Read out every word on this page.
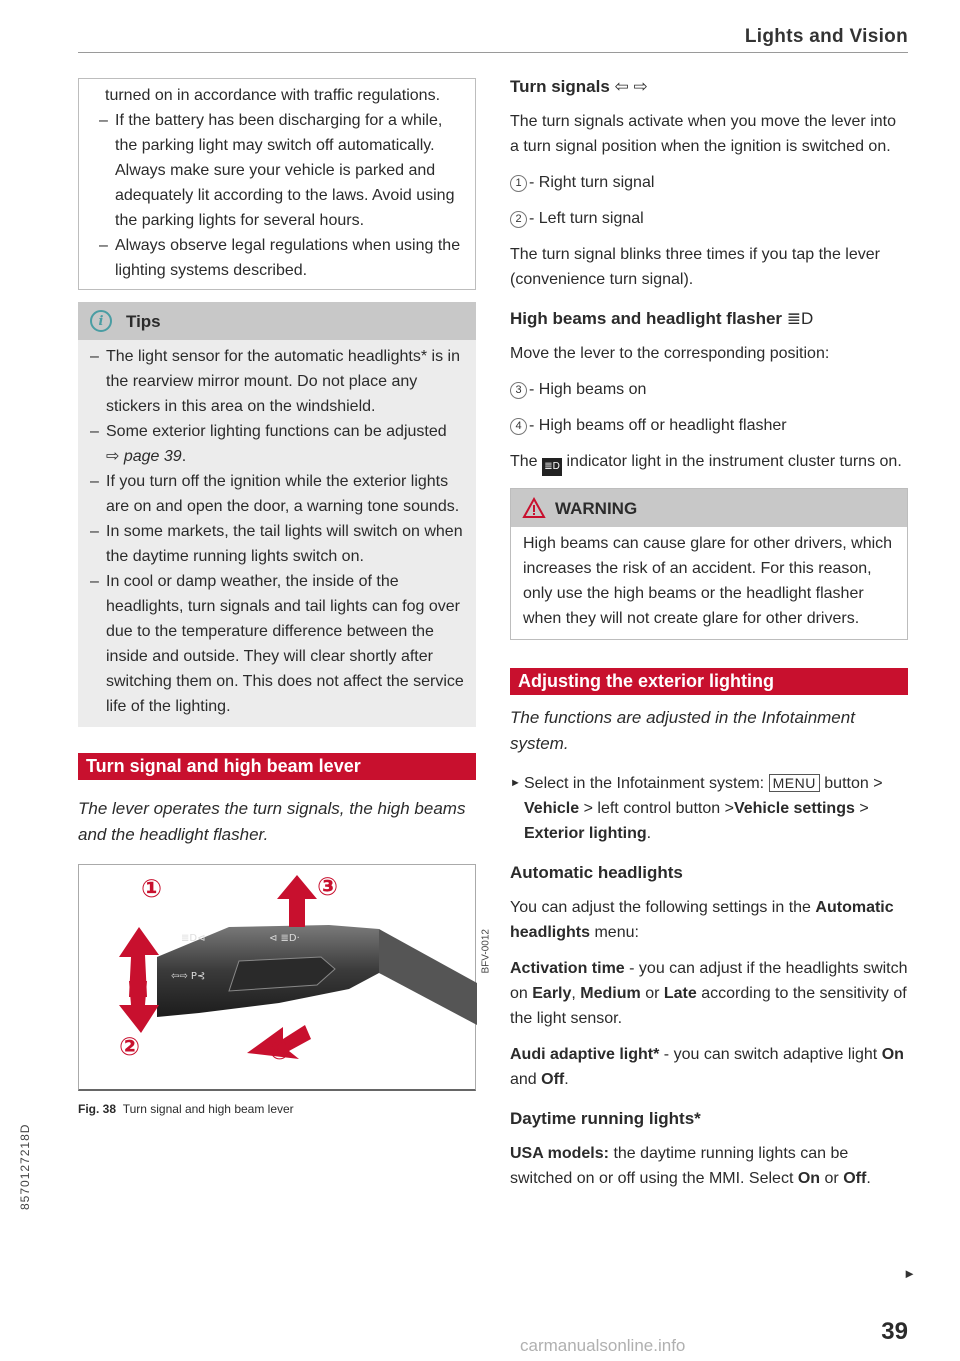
Lights and Vision
8570127218D

turned on in accordance with traffic regulations.

– If the battery has been discharging for a while, the parking light may switch off automatically. Always make sure your vehicle is parked and adequately lit according to the laws. Avoid using the parking lights for several hours.
– Always observe legal regulations when using the lighting systems described.
i	Tips
– The light sensor for the automatic headlights* is in the rearview mirror mount. Do not place any stickers in this area on the windshield.
– Some exterior lighting functions can be adjusted ⇨ page 39.
– If you turn off the ignition while the exterior lights are on and open the door, a warning tone sounds.
– In some markets, the tail lights will switch on when the daytime running lights switch on.
– In cool or damp weather, the inside of the headlights, turn signals and tail lights can fog over due to the temperature difference between the inside and outside. They will clear shortly after switching them on. This does not affect the service life of the lighting.
Turn signal and high beam lever

The lever operates the turn signals, the high beams and the headlight flasher.

≣D⊲	⊲ ≣D·
⇦⇨ P⊰
①
②
③
④
BFV-0012
Fig. 38 Turn signal and high beam lever

Turn signals ⇦ ⇨

The turn signals activate when you move the lever into a turn signal position when the ignition is switched on.

1 - Right turn signal

2 - Left turn signal

The turn signal blinks three times if you tap the lever (convenience turn signal).

High beams and headlight flasher ≣D

Move the lever to the corresponding position:

3 - High beams on

4 - High beams off or headlight flasher

The ≣D indicator light in the instrument cluster turns on.

WARNING
High beams can cause glare for other drivers, which increases the risk of an accident. For this reason, only use the high beams or the headlight flasher when they will not create glare for other drivers.
Adjusting the exterior lighting

The functions are adjusted in the Infotainment system.

► Select in the Infotainment system: MENU button > Vehicle > left control button >Vehicle settings > Exterior lighting.

Automatic headlights

You can adjust the following settings in the Automatic headlights menu:

Activation time - you can adjust if the headlights switch on Early, Medium or Late according to the sensitivity of the light sensor.

Audi adaptive light* - you can switch adaptive light On and Off.

Daytime running lights*

USA models: the daytime running lights can be switched on or off using the MMI. Select On or Off.

►
39
carmanualsonline.info
